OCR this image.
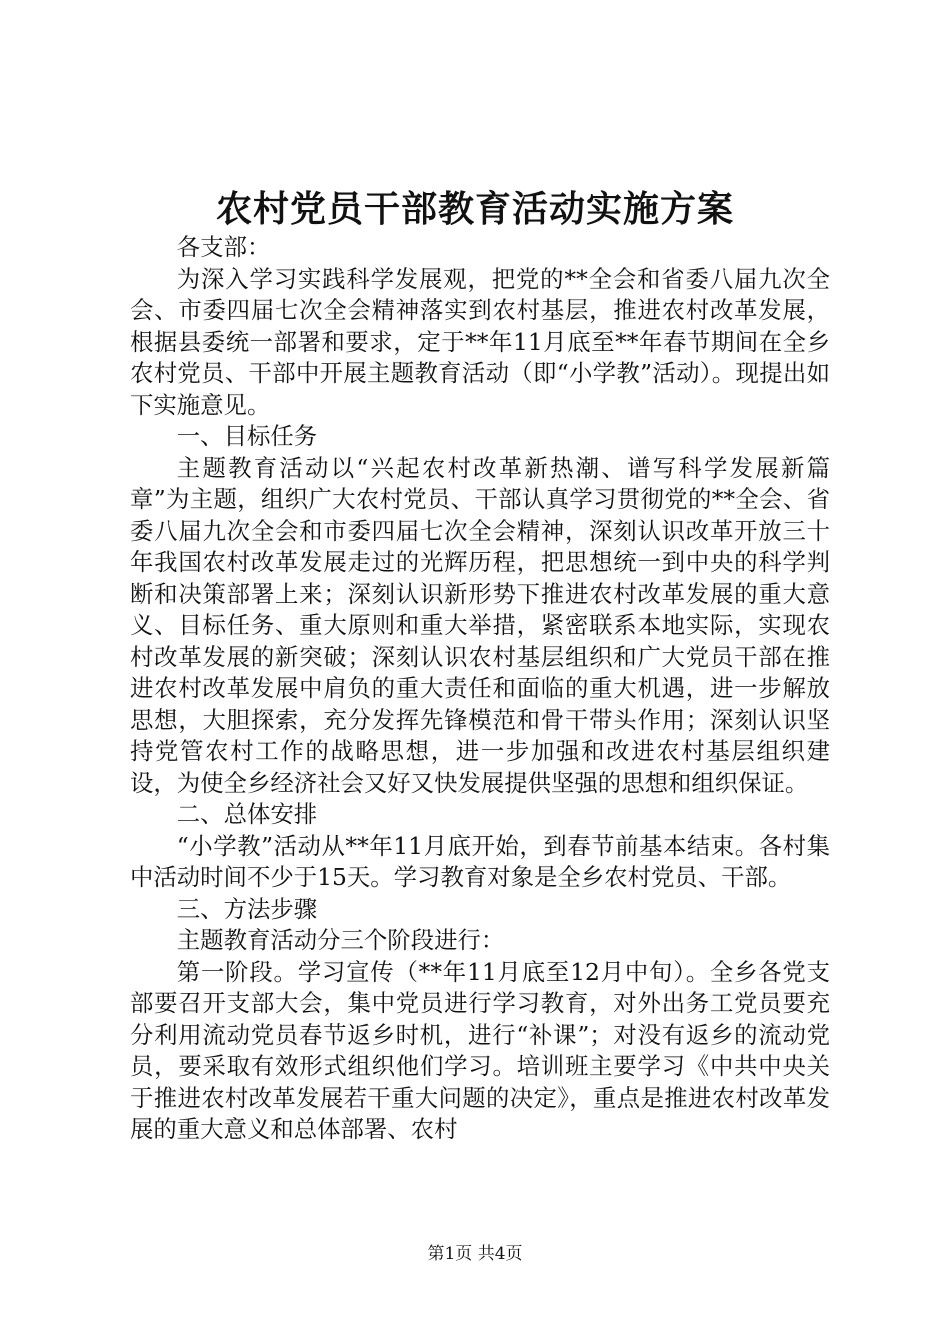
农村党员干部教育活动实施方案

各支部：

为深入学习实践科学发展观，把党的**全会和省委八届九次全会、市委四届七次全会精神落实到农村基层，推进农村改革发展，根据县委统一部署和要求，定于**年11月底至**年春节期间在全乡农村党员、干部中开展主题教育活动（即“小学教”活动）。现提出如下实施意见。

一、目标任务

主题教育活动以“兴起农村改革新热潮、谱写科学发展新篇章”为主题，组织广大农村党员、干部认真学习贯彻党的**全会、省委八届九次全会和市委四届七次全会精神，深刻认识改革开放三十年我国农村改革发展走过的光辉历程，把思想统一到中央的科学判断和决策部署上来；深刻认识新形势下推进农村改革发展的重大意义、目标任务、重大原则和重大举措，紧密联系本地实际，实现农村改革发展的新突破；深刻认识农村基层组织和广大党员干部在推进农村改革发展中肩负的重大责任和面临的重大机遇，进一步解放思想，大胆探索，充分发挥先锋模范和骨干带头作用；深刻认识坚持党管农村工作的战略思想，进一步加强和改进农村基层组织建设，为使全乡经济社会又好又快发展提供坚强的思想和组织保证。

二、总体安排

“小学教”活动从**年11月底开始，到春节前基本结束。各村集中活动时间不少于15天。学习教育对象是全乡农村党员、干部。

三、方法步骤

主题教育活动分三个阶段进行：

第一阶段。学习宣传（**年11月底至12月中旬）。全乡各党支部要召开支部大会，集中党员进行学习教育，对外出务工党员要充分利用流动党员春节返乡时机，进行“补课”；对没有返乡的流动党员，要采取有效形式组织他们学习。培训班主要学习《中共中央关于推进农村改革发展若干重大问题的决定》，重点是推进农村改革发展的重大意义和总体部署、农村

第1页 共4页
